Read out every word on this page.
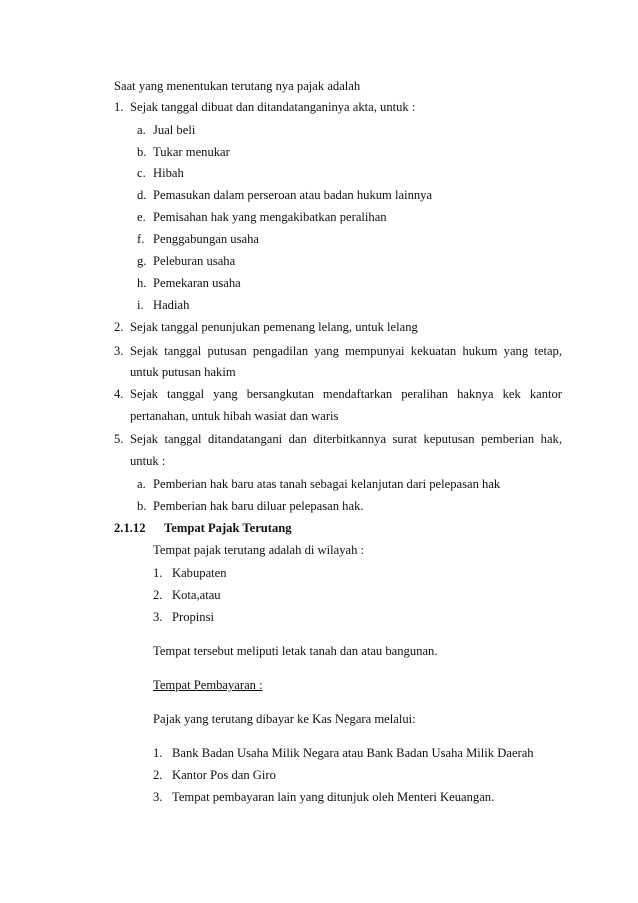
Saat yang menentukan terutang nya pajak adalah
1. Sejak tanggal dibuat dan ditandatanganinya akta, untuk :
a. Jual beli
b. Tukar menukar
c. Hibah
d. Pemasukan dalam perseroan atau badan hukum lainnya
e. Pemisahan hak yang mengakibatkan peralihan
f. Penggabungan usaha
g. Peleburan usaha
h. Pemekaran usaha
i. Hadiah
2. Sejak tanggal penunjukan pemenang lelang, untuk lelang
3. Sejak tanggal putusan pengadilan yang mempunyai kekuatan hukum yang tetap,
untuk putusan hakim
4. Sejak tanggal yang bersangkutan mendaftarkan peralihan haknya kek kantor
pertanahan, untuk hibah wasiat dan waris
5. Sejak tanggal ditandatangani dan diterbitkannya surat keputusan pemberian hak,
untuk :
a. Pemberian hak baru atas tanah sebagai kelanjutan dari pelepasan hak
b. Pemberian hak baru diluar pelepasan hak.
2.1.12 Tempat Pajak Terutang
Tempat pajak terutang adalah di wilayah :
1. Kabupaten
2. Kota,atau
3. Propinsi
Tempat tersebut meliputi letak tanah dan atau bangunan.
Tempat Pembayaran :
Pajak yang terutang dibayar ke Kas Negara melalui:
1. Bank Badan Usaha Milik Negara atau Bank Badan Usaha Milik Daerah
2. Kantor Pos dan Giro
3. Tempat pembayaran lain yang ditunjuk oleh Menteri Keuangan.
